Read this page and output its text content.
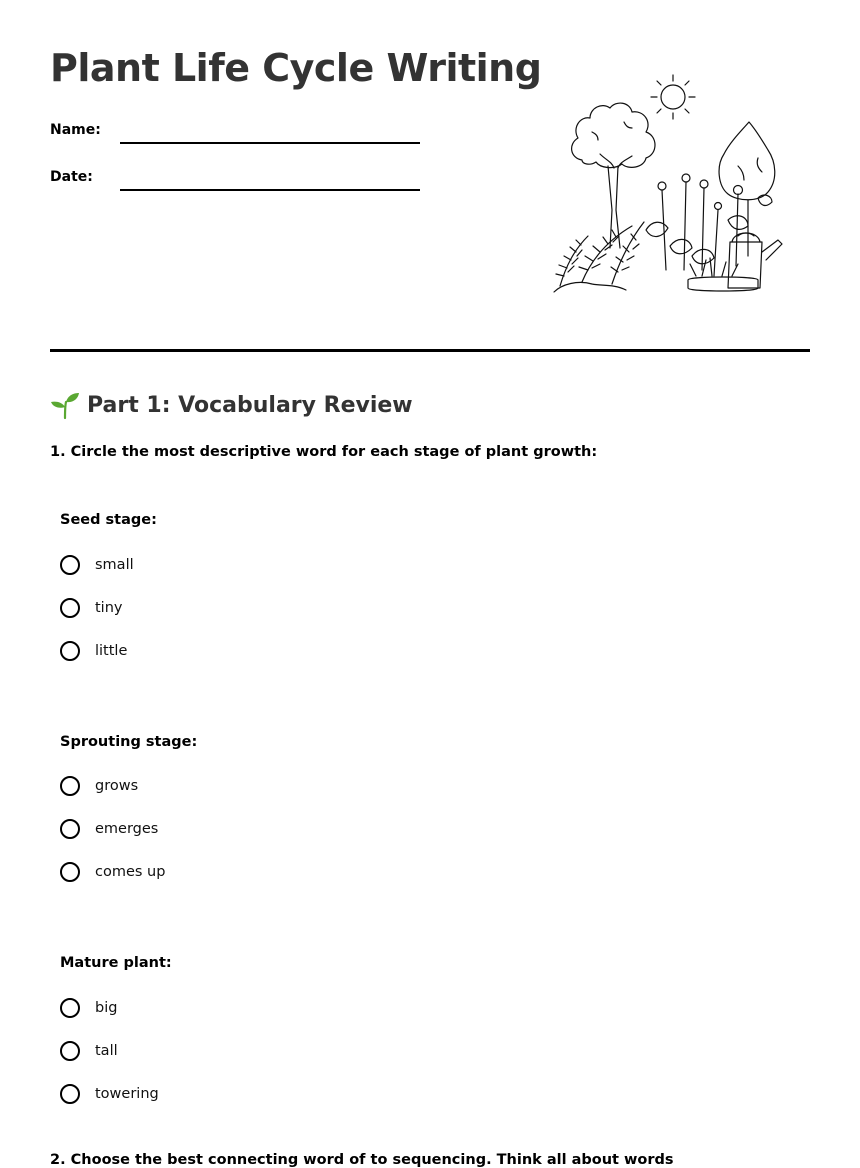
Plant Life Cycle Writing
Name:
Date:
Part 1: Vocabulary Review
1. Circle the most descriptive word for each stage of plant growth:
Seed stage:
small
tiny
little
Sprouting stage:
grows
emerges
comes up
Mature plant:
big
tall
towering
2. Choose the best connecting word of to sequencing. Think all about words
